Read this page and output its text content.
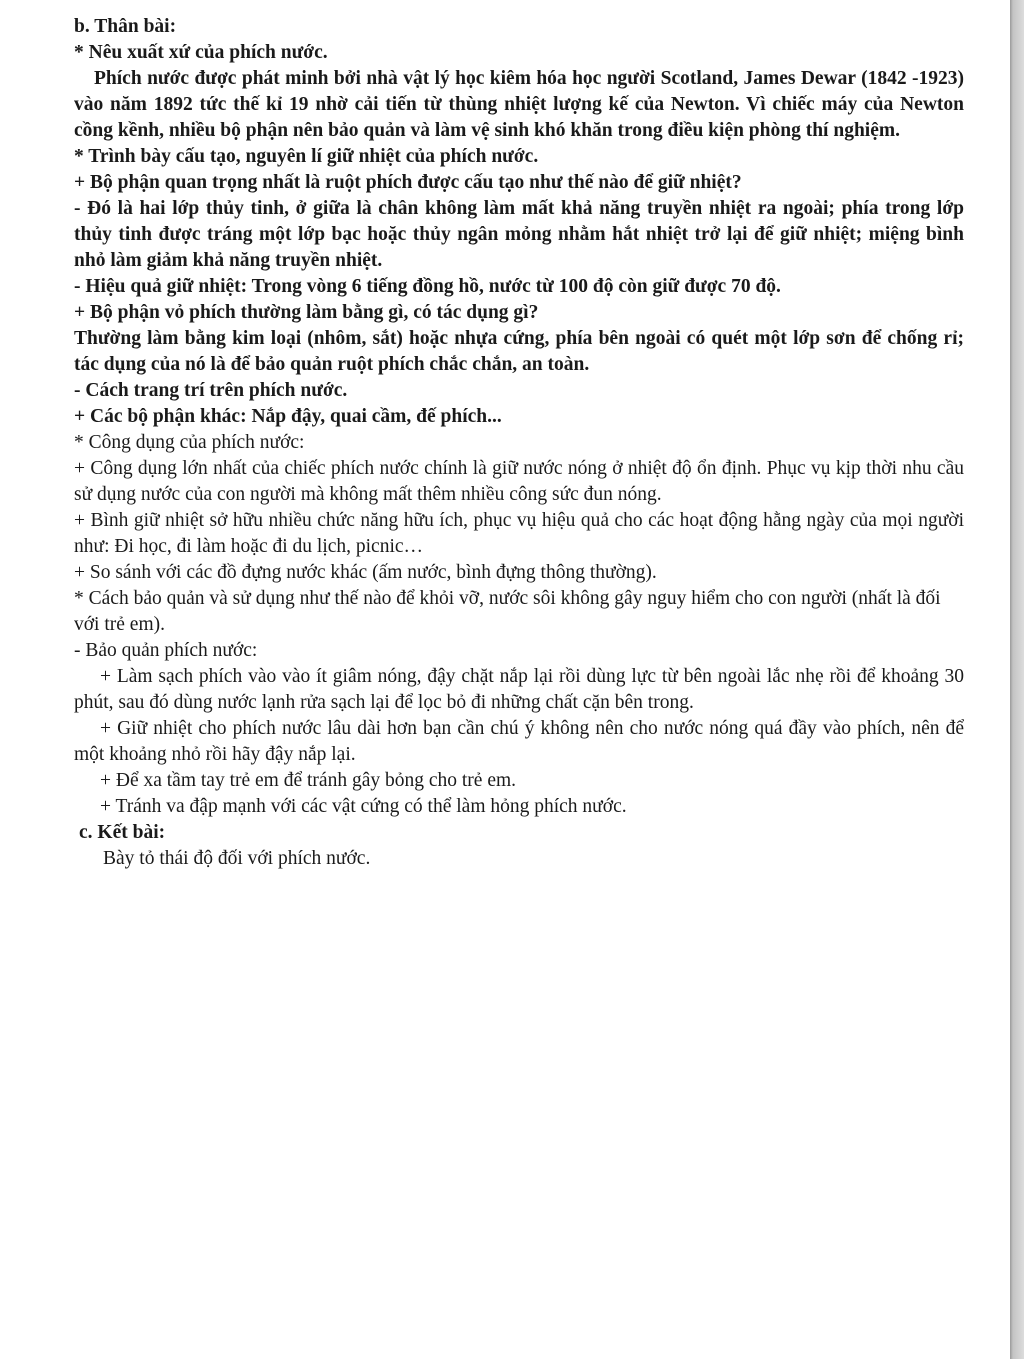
b. Thân bài:

* Nêu xuất xứ của phích nước.

Phích nước được phát minh bởi nhà vật lý học kiêm hóa học người Scotland, James Dewar (1842 -1923) vào năm 1892 tức thế kỉ 19 nhờ cải tiến từ thùng nhiệt lượng kế của Newton. Vì chiếc máy của Newton cồng kềnh, nhiều bộ phận nên bảo quản và làm vệ sinh khó khăn trong điều kiện phòng thí nghiệm.

* Trình bày cấu tạo, nguyên lí giữ nhiệt của phích nước.

+ Bộ phận quan trọng nhất là ruột phích được cấu tạo như thế nào để giữ nhiệt?

- Đó là hai lớp thủy tinh, ở giữa là chân không làm mất khả năng truyền nhiệt ra ngoài; phía trong lớp thủy tinh được tráng một lớp bạc hoặc thủy ngân mỏng nhằm hắt nhiệt trở lại để giữ nhiệt; miệng bình nhỏ làm giảm khả năng truyền nhiệt.

- Hiệu quả giữ nhiệt: Trong vòng 6 tiếng đồng hồ, nước từ 100 độ còn giữ được 70 độ.

+ Bộ phận vỏ phích thường làm bằng gì, có tác dụng gì?

Thường làm bằng kim loại (nhôm, sắt) hoặc nhựa cứng, phía bên ngoài có quét một lớp sơn để chống rỉ; tác dụng của nó là để bảo quản ruột phích chắc chắn, an toàn.

- Cách trang trí trên phích nước.

+ Các bộ phận khác: Nắp đậy, quai cầm, đế phích...

* Công dụng của phích nước:

+ Công dụng lớn nhất của chiếc phích nước chính là giữ nước nóng ở nhiệt độ ổn định. Phục vụ kịp thời nhu cầu sử dụng nước của con người mà không mất thêm nhiều công sức đun nóng.

+ Bình giữ nhiệt sở hữu nhiều chức năng hữu ích, phục vụ hiệu quả cho các hoạt động hằng ngày của mọi người như: Đi học, đi làm hoặc đi du lịch, picnic…

+ So sánh với các đồ đựng nước khác (ấm nước, bình đựng thông thường).

* Cách bảo quản và sử dụng như thế nào để khỏi vỡ, nước sôi không gây nguy hiểm cho con người (nhất là đối với trẻ em).

- Bảo quản phích nước:

+ Làm sạch phích vào vào ít giâm nóng, đậy chặt nắp lại rồi dùng lực từ bên ngoài lắc nhẹ rồi để khoảng 30 phút, sau đó dùng nước lạnh rửa sạch lại để lọc bỏ đi những chất cặn bên trong.

+ Giữ nhiệt cho phích nước lâu dài hơn bạn cần chú ý không nên cho nước nóng quá đầy vào phích, nên để một khoảng nhỏ rồi hãy đậy nắp lại.

+ Để xa tầm tay trẻ em để tránh gây bỏng cho trẻ em.

+ Tránh va đập mạnh với các vật cứng có thể làm hỏng phích nước.

c. Kết bài:

Bày tỏ thái độ đối với phích nước.
